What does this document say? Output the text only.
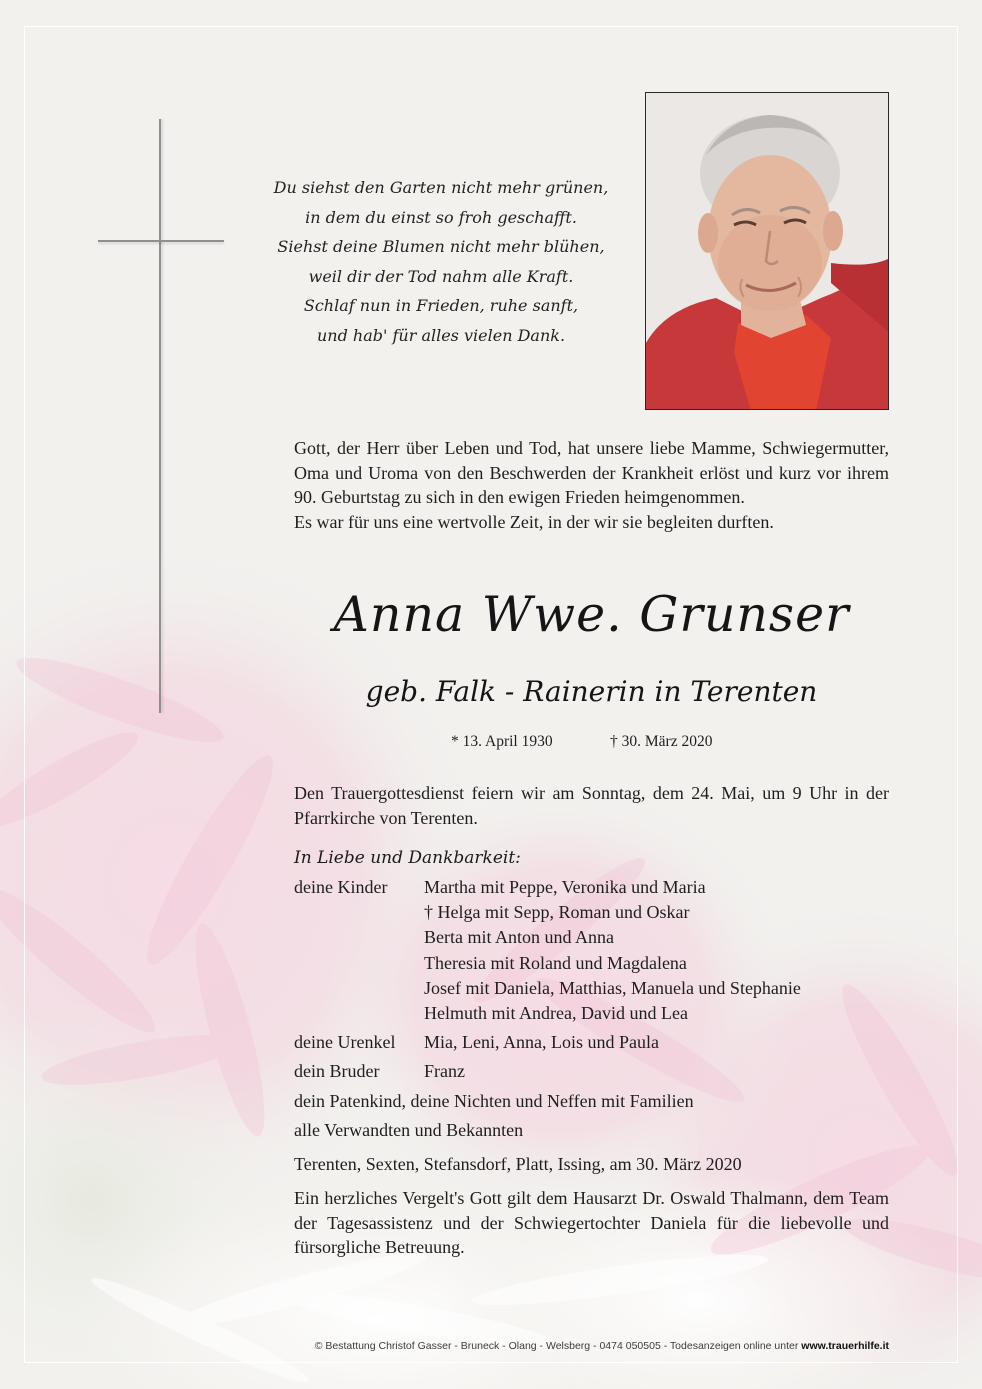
Du siehst den Garten nicht mehr grünen,
in dem du einst so froh geschafft.
Siehst deine Blumen nicht mehr blühen,
weil dir der Tod nahm alle Kraft.
Schlaf nun in Frieden, ruhe sanft,
und hab' für alles vielen Dank.
Gott, der Herr über Leben und Tod, hat unsere liebe Mamme, Schwiegermutter, Oma und Uroma von den Beschwerden der Krankheit erlöst und kurz vor ihrem 90. Geburtstag zu sich in den ewigen Frieden heimgenommen.
Es war für uns eine wertvolle Zeit, in der wir sie begleiten durften.
Anna Wwe. Grunser
geb. Falk - Rainerin in Terenten
* 13. April 1930	† 30. März 2020
Den Trauergottesdienst feiern wir am Sonntag, dem 24. Mai, um 9 Uhr in der Pfarrkirche von Terenten.
In Liebe und Dankbarkeit:
deine Kinder Martha mit Peppe, Veronika und Maria
† Helga mit Sepp, Roman und Oskar
Berta mit Anton und Anna
Theresia mit Roland und Magdalena
Josef mit Daniela, Matthias, Manuela und Stephanie
Helmuth mit Andrea, David und Lea
deine Urenkel Mia, Leni, Anna, Lois und Paula
dein Bruder Franz
dein Patenkind, deine Nichten und Neffen mit Familien
alle Verwandten und Bekannten
Terenten, Sexten, Stefansdorf, Platt, Issing, am 30. März 2020
Ein herzliches Vergelt's Gott gilt dem Hausarzt Dr. Oswald Thalmann, dem Team der Tagesassistenz und der Schwiegertochter Daniela für die liebevolle und fürsorgliche Betreuung.
© Bestattung Christof Gasser - Bruneck - Olang - Welsberg - 0474 050505 - Todesanzeigen online unter www.trauerhilfe.it
